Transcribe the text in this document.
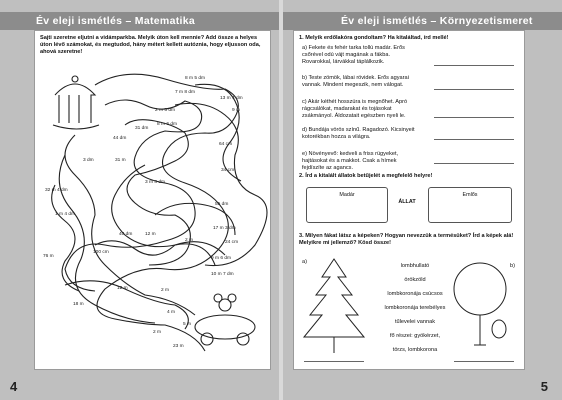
Év eleji ismétlés – Matematika
Sajti szeretne eljutni a vidámparkba. Melyik úton kell mennie? Add össze a helyes úton lévő számokat, és megtudod, hány métert kellett autóznia, hogy eljusson oda, ahová szeretne!
8 m 5 dm
7 m 8 dm
13 m 4 dm
9 m
2 m 5 dm
8 m 6 dm
31 dm
44 dm
3 dm	31 m
64 cm
32 m 4 dm
3 m 8 dm
34 cm
1 m 4 dm
55 dm
76 m
100 cm
12 m
2 m
17 m 3 dm
24 cm
40 dm
9 m 6 dm
10 m 7 dm
12 m	2 m
18 m
4 m
5 m
2 m
23 m
4
Év eleji ismétlés – Környezetismeret
1. Melyik erdőlakóra gondoltam? Ha kitaláltad, írd mellé!
a) Fekete és fehér tarka tollú madár. Erős csőrével odú vájt magának a fákba. Rovarokkal, lárvákkal táplálkozik.
b) Teste zömök, lábai rövidek. Erős agyarai vannak. Mindent megeszik, nem válogat.
c) Akár kéthét hosszúra is megnőhet. Apró rágcsálókat, madarakat és tojásokat zsákmányol. Áldozatait egészben nyeli le.
d) Bundája vörös színű. Ragadozó. Kicsinyeit kotorékban hozza a világra.
e) Növényevő: kedveli a friss rügyeket, hajtásokat és a makkot. Csak a hímek fejdíszíte az agancs.
2. Írd a kitalált állatok betűjelét a megfelelő helyre!
Madár
ÁLLAT
Emlős
3. Milyen fákat látsz a képeken? Hogyan nevezzük a termésüket? Írd a képek alá! Melyikre mi jellemző? Kösd össze!
a)
b)
lombhullató
örökzöld
lombkoronája csúcsos
lombkoronája terebélyes
tűlevelei vannak
fő részei: gyökérzet,
törzs, lombkorona
5
